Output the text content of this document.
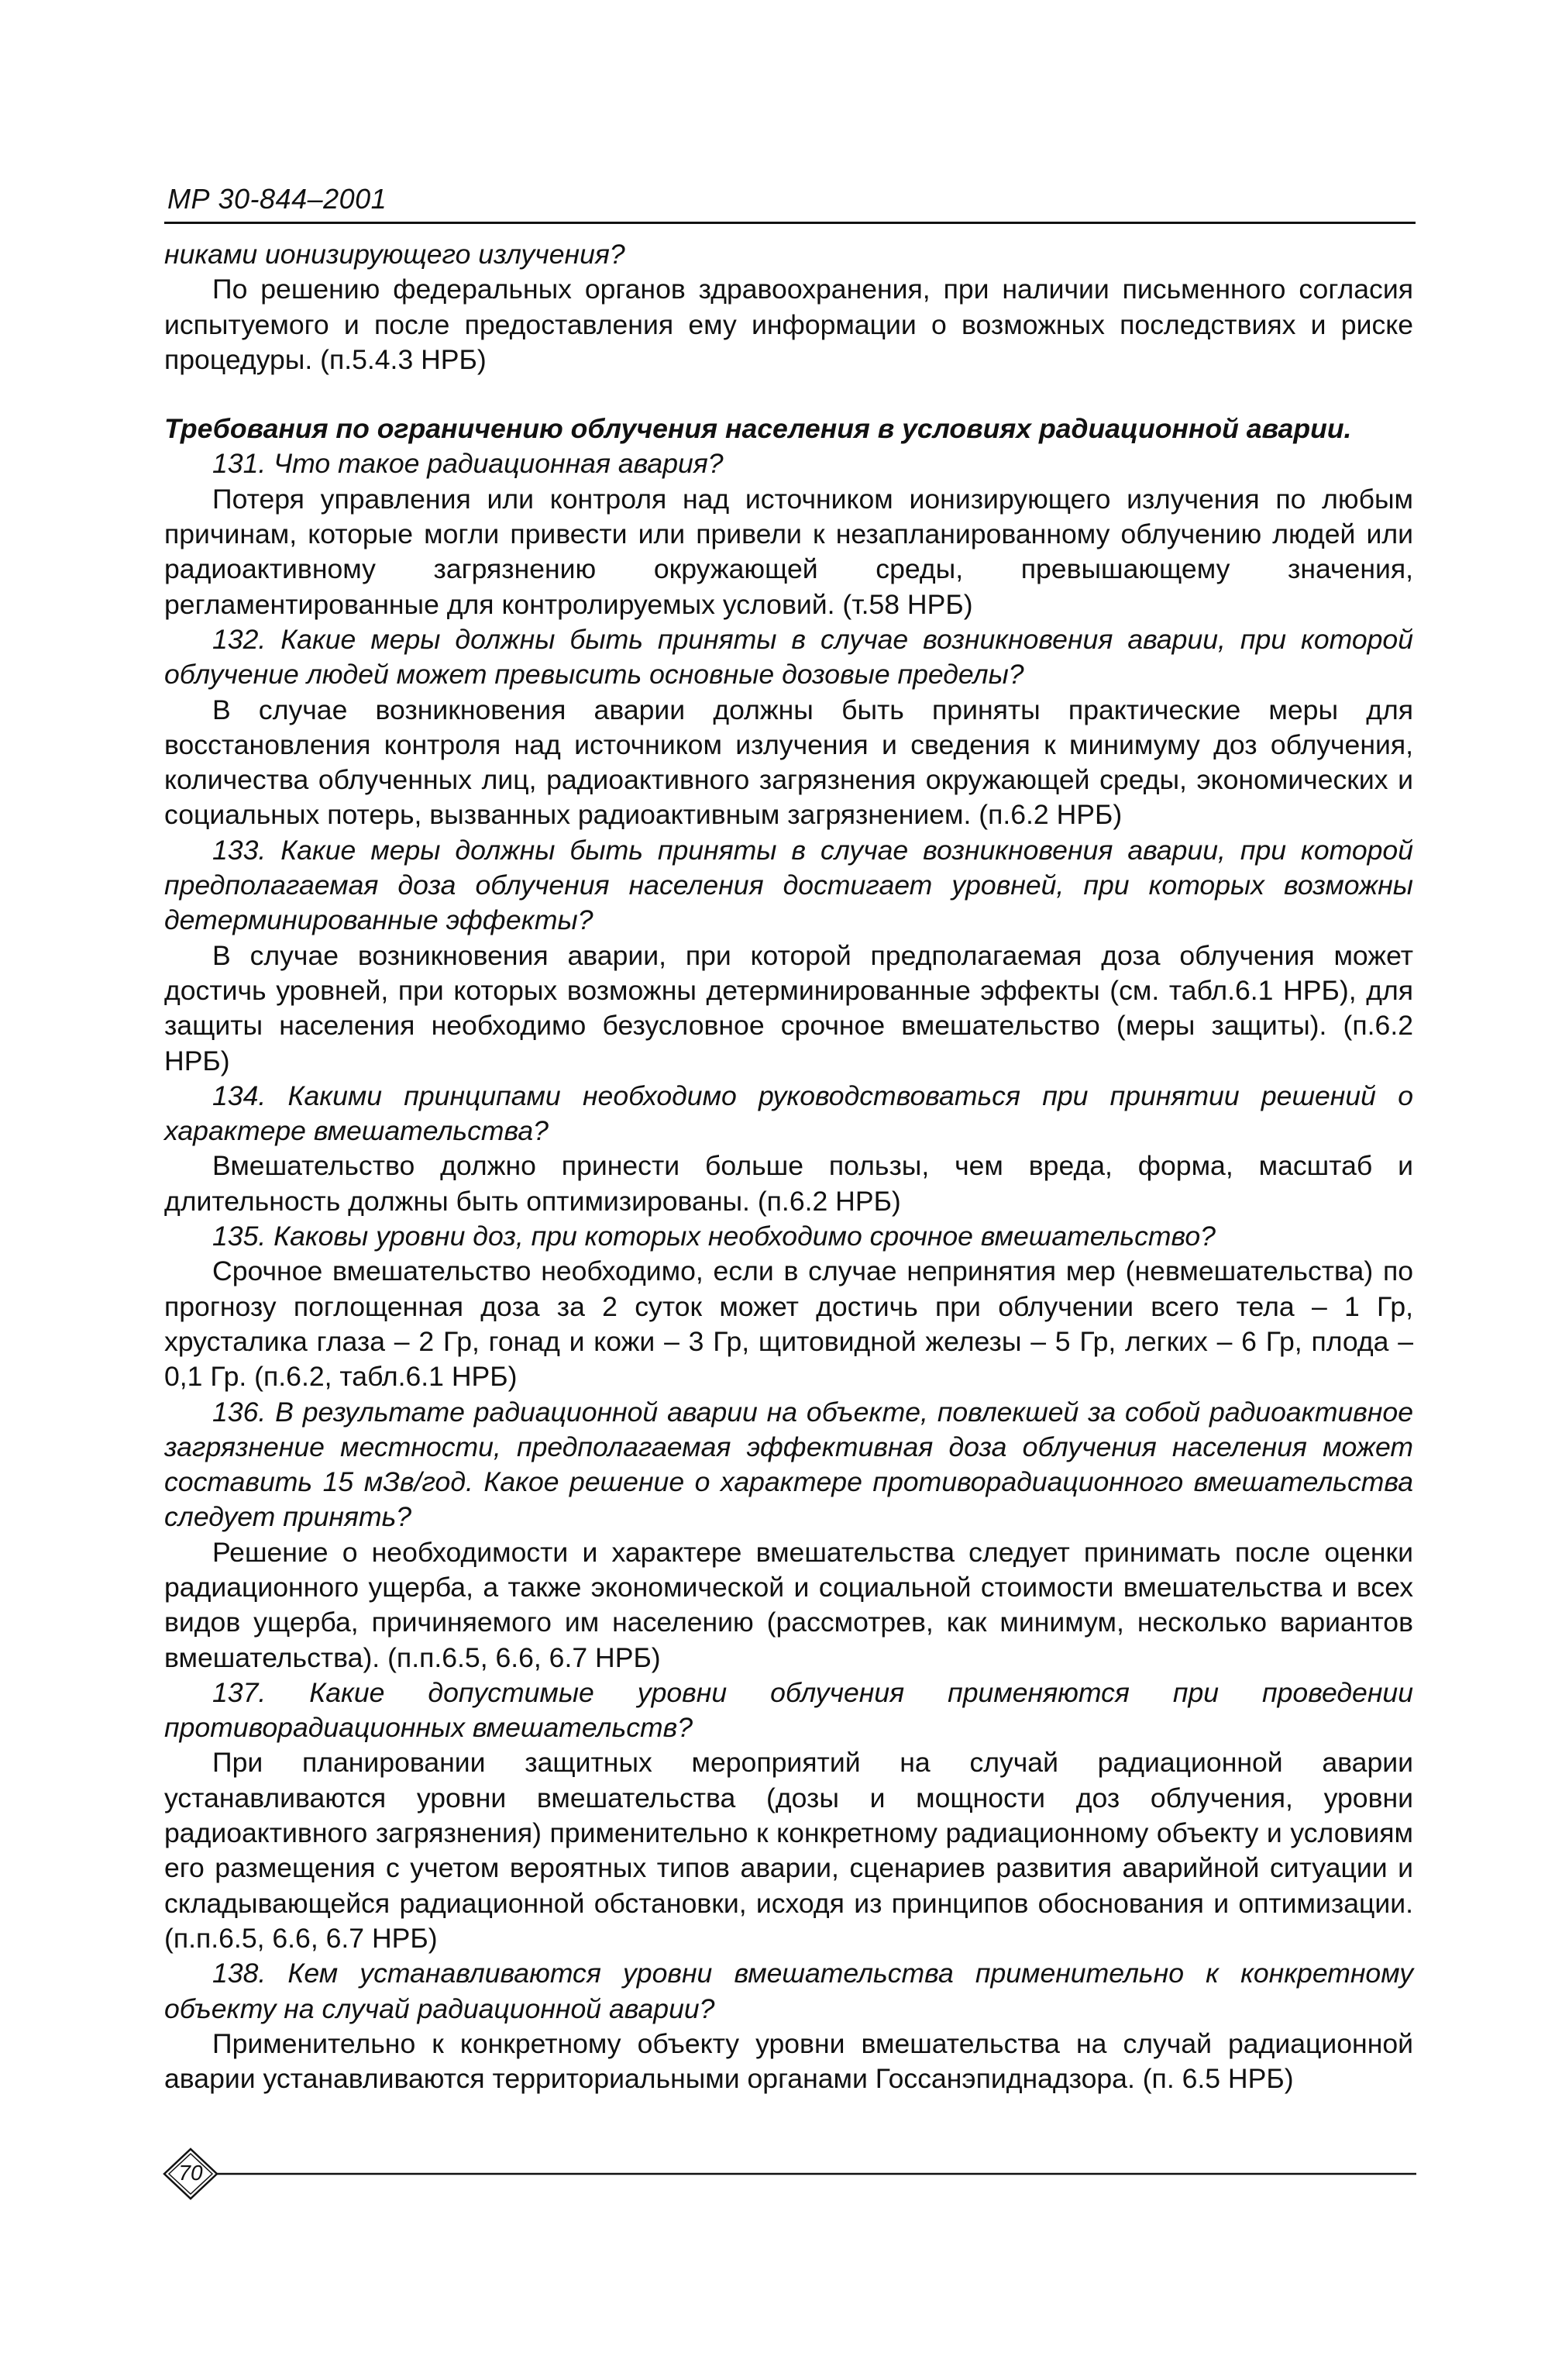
МР 30-844–2001

никами ионизирующего излучения?

По решению федеральных органов здравоохранения, при наличии письменного согласия испытуемого и после предоставления ему информации о возможных последствиях и риске процедуры. (п.5.4.3 НРБ)

Требования по ограничению облучения населения в условиях радиационной аварии.

131. Что такое радиационная авария?

Потеря управления или контроля над источником ионизирующего излучения по любым причинам, которые могли привести или привели к незапланированному облучению людей или радиоактивному загрязнению окружающей среды, превышающему значения, регламентированные для контролируемых условий. (т.58 НРБ)

132. Какие меры должны быть приняты в случае возникновения аварии, при которой облучение людей может превысить основные дозовые пределы?

В случае возникновения аварии должны быть приняты практические меры для восстановления контроля над источником излучения и сведения к минимуму доз облучения, количества облученных лиц, радиоактивного загрязнения окружающей среды, экономических и социальных потерь, вызванных радиоактивным загрязнением. (п.6.2 НРБ)

133. Какие меры должны быть приняты в случае возникновения аварии, при которой предполагаемая доза облучения населения достигает уровней, при которых возможны детерминированные эффекты?

В случае возникновения аварии, при которой предполагаемая доза облучения может достичь уровней, при которых возможны детерминированные эффекты (см. табл.6.1 НРБ), для защиты населения необходимо безусловное срочное вмешательство (меры защиты). (п.6.2 НРБ)

134. Какими принципами необходимо руководствоваться при принятии решений о характере вмешательства?

Вмешательство должно принести больше пользы, чем вреда, форма, масштаб и длительность должны быть оптимизированы. (п.6.2 НРБ)

135. Каковы уровни доз, при которых необходимо срочное вмешательство?

Срочное вмешательство необходимо, если в случае непринятия мер (невмешательства) по прогнозу поглощенная доза за 2 суток может достичь при облучении всего тела – 1 Гр, хрусталика глаза – 2 Гр, гонад и кожи – 3 Гр, щитовидной железы – 5 Гр, легких – 6 Гр, плода – 0,1 Гр. (п.6.2, табл.6.1 НРБ)

136. В результате радиационной аварии на объекте, повлекшей за собой радиоактивное загрязнение местности, предполагаемая эффективная доза облучения населения может составить 15 мЗв/год. Какое решение о характере противорадиационного вмешательства следует принять?

Решение о необходимости и характере вмешательства следует принимать после оценки радиационного ущерба, а также экономической и социальной стоимости вмешательства и всех видов ущерба, причиняемого им населению (рассмотрев, как минимум, несколько вариантов вмешательства). (п.п.6.5, 6.6, 6.7 НРБ)

137. Какие допустимые уровни облучения применяются при проведении противорадиационных вмешательств?

При планировании защитных мероприятий на случай радиационной аварии устанавливаются уровни вмешательства (дозы и мощности доз облучения, уровни радиоактивного загрязнения) применительно к конкретному радиационному объекту и условиям его размещения с учетом вероятных типов аварии, сценариев развития аварийной ситуации и складывающейся радиационной обстановки, исходя из принципов обоснования и оптимизации. (п.п.6.5, 6.6, 6.7 НРБ)

138. Кем устанавливаются уровни вмешательства применительно к конкретному объекту на случай радиационной аварии?

Применительно к конкретному объекту уровни вмешательства на случай радиационной аварии устанавливаются территориальными органами Госсанэпиднадзора. (п. 6.5 НРБ)

70
